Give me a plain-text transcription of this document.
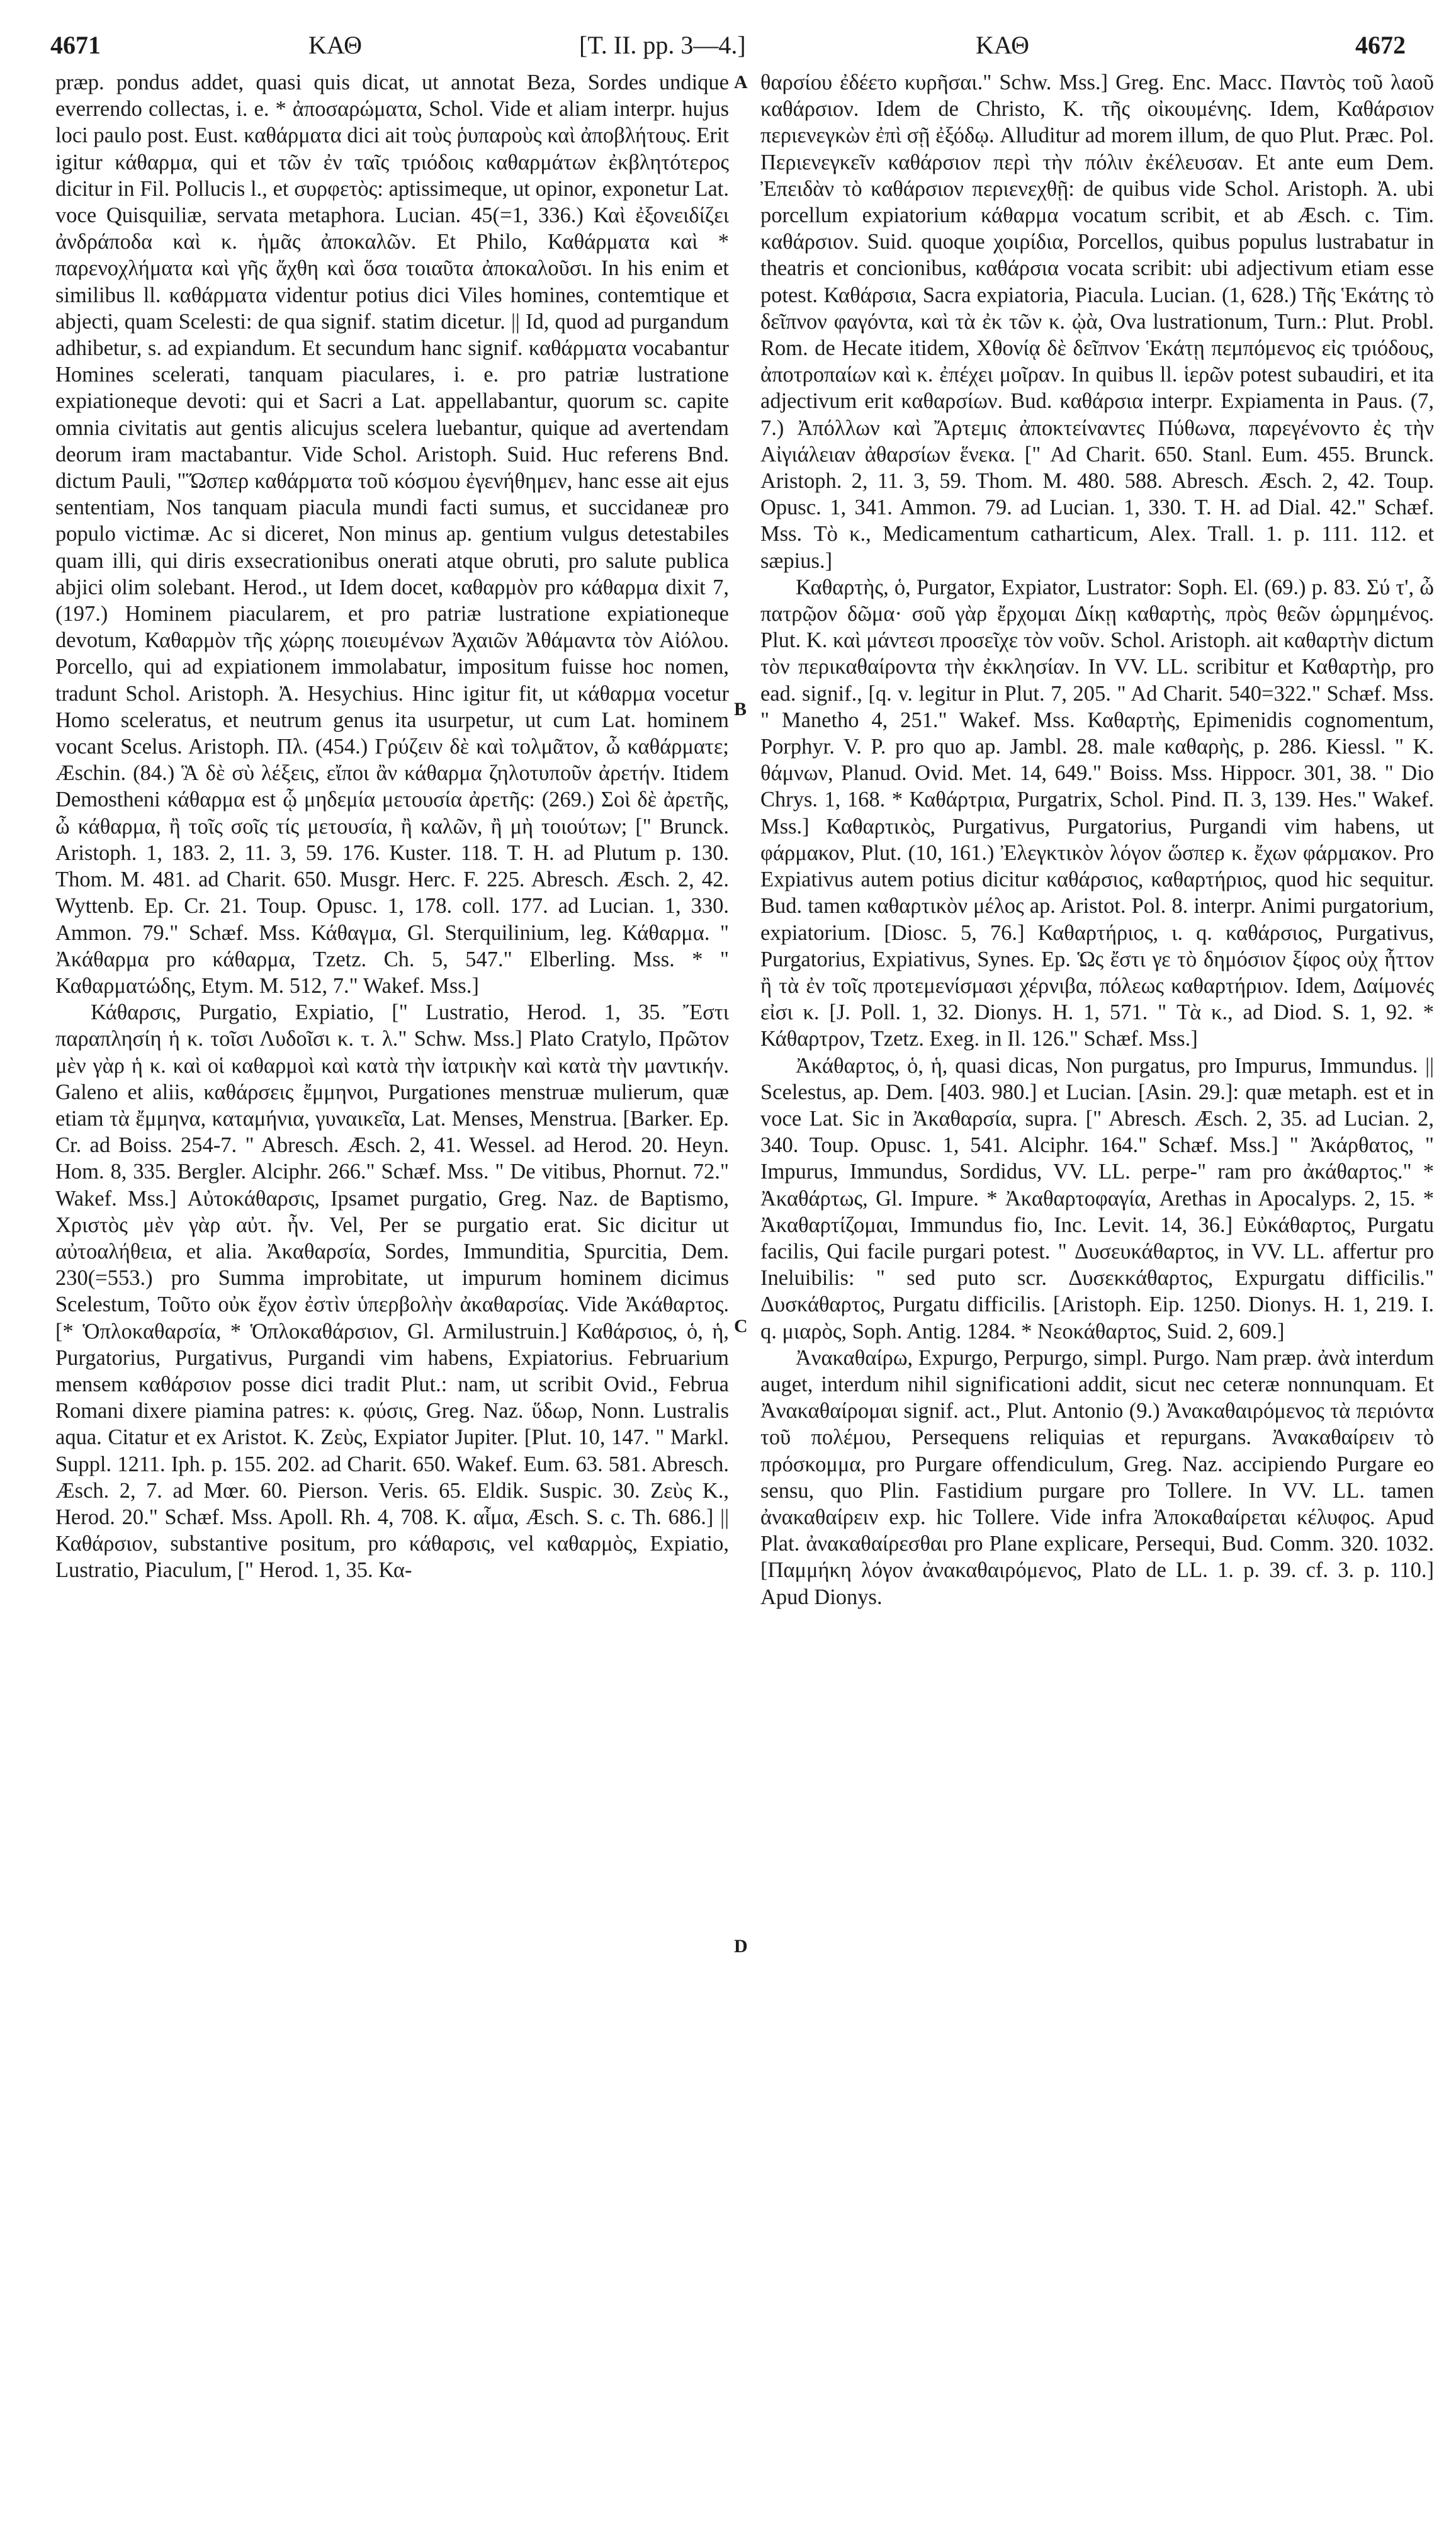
4671	ΚΑΘ	[T. II. pp. 3—4.]	ΚΑΘ	4672

præp. pondus addet, quasi quis dicat, ut annotat Beza, Sordes undique everrendo collectas, i. e. * ἀποσαρώματα, Schol. Vide et aliam interpr. hujus loci paulo post. Eust. καθάρματα dici ait τοὺς ῥυπαροὺς καὶ ἀποβλήτους. Erit igitur κάθαρμα, qui et τῶν ἐν ταῖς τριόδοις καθαρμάτων ἐκβλητότερος dicitur in Fil. Pollucis l., et συρφετὸς: aptissimeque, ut opinor, exponetur Lat. voce Quisquiliæ, servata metaphora. Lucian. 45(=1, 336.) Καὶ ἐξονειδίζει ἀνδράποδα καὶ κ. ἡμᾶς ἀποκαλῶν. Et Philo, Καθάρματα καὶ * παρενοχλήματα καὶ γῆς ἄχθη καὶ ὅσα τοιαῦτα ἀποκαλοῦσι. In his enim et similibus ll. καθάρματα videntur potius dici Viles homines, contemtique et abjecti, quam Scelesti: de qua signif. statim dicetur. || Id, quod ad purgandum adhibetur, s. ad expiandum. Et secundum hanc signif. καθάρματα vocabantur Homines scelerati, tanquam piaculares, i. e. pro patriæ lustratione expiationeque devoti: qui et Sacri a Lat. appellabantur, quorum sc. capite omnia civitatis aut gentis alicujus scelera luebantur, quique ad avertendam deorum iram mactabantur. Vide Schol. Aristoph. Suid. Huc referens Bnd. dictum Pauli, "Ὥσπερ καθάρματα τοῦ κόσμου ἐγενήθημεν, hanc esse ait ejus sententiam, Nos tanquam piacula mundi facti sumus, et succidaneæ pro populo victimæ. Ac si diceret, Non minus ap. gentium vulgus detestabiles quam illi, qui diris exsecrationibus onerati atque obruti, pro salute publica abjici olim solebant. Herod., ut Idem docet, καθαρμὸν pro κάθαρμα dixit 7, (197.) Hominem piacularem, et pro patriæ lustratione expiationeque devotum, Καθαρμὸν τῆς χώρης ποιευμένων Ἀχαιῶν Ἀθάμαντα τὸν Αἰόλου. Porcello, qui ad expiationem immolabatur, impositum fuisse hoc nomen, tradunt Schol. Aristoph. Ἀ. Hesychius. Hinc igitur fit, ut κάθαρμα vocetur Homo sceleratus, et neutrum genus ita usurpetur, ut cum Lat. hominem vocant Scelus. Aristoph. Πλ. (454.) Γρύζειν δὲ καὶ τολμᾶτον, ὦ καθάρματε; Æschin. (84.) Ἃ δὲ σὺ λέξεις, εἴποι ἂν κάθαρμα ζηλοτυποῦν ἀρετήν. Itidem Demostheni κάθαρμα est ᾧ μηδεμία μετουσία ἀρετῆς: (269.) Σοὶ δὲ ἀρετῆς, ὦ κάθαρμα, ἢ τοῖς σοῖς τίς μετουσία, ἢ καλῶν, ἢ μὴ τοιούτων; [" Brunck. Aristoph. 1, 183. 2, 11. 3, 59. 176. Kuster. 118. T. H. ad Plutum p. 130. Thom. M. 481. ad Charit. 650. Musgr. Herc. F. 225. Abresch. Æsch. 2, 42. Wyttenb. Ep. Cr. 21. Toup. Opusc. 1, 178. coll. 177. ad Lucian. 1, 330. Ammon. 79." Schæf. Mss. Κάθαγμα, Gl. Sterquilinium, leg. Κάθαρμα. " Ἀκάθαρμα pro κάθαρμα, Tzetz. Ch. 5, 547." Elberling. Mss. * " Καθαρματώδης, Etym. M. 512, 7." Wakef. Mss.]

Κάθαρσις, Purgatio, Expiatio, [" Lustratio, Herod. 1, 35. Ἔστι παραπλησίη ἡ κ. τοῖσι Λυδοῖσι κ. τ. λ." Schw. Mss.] Plato Cratylo, Πρῶτον μὲν γὰρ ἡ κ. καὶ οἱ καθαρμοὶ καὶ κατὰ τὴν ἰατρικὴν καὶ κατὰ τὴν μαντικήν. Galeno et aliis, καθάρσεις ἔμμηνοι, Purgationes menstruæ mulierum, quæ etiam τὰ ἔμμηνα, καταμήνια, γυναικεῖα, Lat. Menses, Menstrua. [Barker. Ep. Cr. ad Boiss. 254-7. " Abresch. Æsch. 2, 41. Wessel. ad Herod. 20. Heyn. Hom. 8, 335. Bergler. Alciphr. 266." Schæf. Mss. " De vitibus, Phornut. 72." Wakef. Mss.] Αὐτοκάθαρσις, Ipsamet purgatio, Greg. Naz. de Baptismo, Χριστὸς μὲν γὰρ αὐτ. ἦν. Vel, Per se purgatio erat. Sic dicitur ut αὐτοαλήθεια, et alia. Ἀκαθαρσία, Sordes, Immunditia, Spurcitia, Dem. 230(=553.) pro Summa improbitate, ut impurum hominem dicimus Scelestum, Τοῦτο οὐκ ἔχον ἐστὶν ὑπερβολὴν ἀκαθαρσίας. Vide Ἀκάθαρτος. [* Ὁπλοκαθαρσία, * Ὁπλοκαθάρσιον, Gl. Armilustruin.] Καθάρσιος, ὁ, ἡ, Purgatorius, Purgativus, Purgandi vim habens, Expiatorius. Februarium mensem καθάρσιον posse dici tradit Plut.: nam, ut scribit Ovid., Februa Romani dixere piamina patres: κ. φύσις, Greg. Naz. ὕδωρ, Nonn. Lustralis aqua. Citatur et ex Aristot. K. Ζεὺς, Expiator Jupiter. [Plut. 10, 147. " Markl. Suppl. 1211. Iph. p. 155. 202. ad Charit. 650. Wakef. Eum. 63. 581. Abresch. Æsch. 2, 7. ad Mœr. 60. Pierson. Veris. 65. Eldik. Suspic. 30. Ζεὺς K., Herod. 20." Schæf. Mss. Apoll. Rh. 4, 708. K. αἷμα, Æsch. S. c. Th. 686.] || Καθάρσιον, substantive positum, pro κάθαρσις, vel καθαρμὸς, Expiatio, Lustratio, Piaculum, [" Herod. 1, 35. Κα-

A
B
C
D

θαρσίου ἐδέετο κυρῆσαι." Schw. Mss.] Greg. Enc. Macc. Παντὸς τοῦ λαοῦ καθάρσιον. Idem de Christo, K. τῆς οἰκουμένης. Idem, Καθάρσιον περιενεγκὼν ἐπὶ σῇ ἐξόδῳ. Alluditur ad morem illum, de quo Plut. Præc. Pol. Περιενεγκεῖν καθάρσιον περὶ τὴν πόλιν ἐκέλευσαν. Et ante eum Dem. Ἐπειδὰν τὸ καθάρσιον περιενεχθῇ: de quibus vide Schol. Aristoph. Ἀ. ubi porcellum expiatorium κάθαρμα vocatum scribit, et ab Æsch. c. Tim. καθάρσιον. Suid. quoque χοιρίδια, Porcellos, quibus populus lustrabatur in theatris et concionibus, καθάρσια vocata scribit: ubi adjectivum etiam esse potest. Καθάρσια, Sacra expiatoria, Piacula. Lucian. (1, 628.) Τῆς Ἑκάτης τὸ δεῖπνον φαγόντα, καὶ τὰ ἐκ τῶν κ. ᾠὰ, Ova lustrationum, Turn.: Plut. Probl. Rom. de Hecate itidem, Χθονίᾳ δὲ δεῖπνον Ἑκάτῃ πεμπόμενος εἰς τριόδους, ἀποτροπαίων καὶ κ. ἐπέχει μοῖραν. In quibus ll. ἱερῶν potest subaudiri, et ita adjectivum erit καθαρσίων. Bud. καθάρσια interpr. Expiamenta in Paus. (7, 7.) Ἀπόλλων καὶ Ἄρτεμις ἀποκτείναντες Πύθωνα, παρεγένοντο ἐς τὴν Αἰγιάλειαν ἀθαρσίων ἕνεκα. [" Ad Charit. 650. Stanl. Eum. 455. Brunck. Aristoph. 2, 11. 3, 59. Thom. M. 480. 588. Abresch. Æsch. 2, 42. Toup. Opusc. 1, 341. Ammon. 79. ad Lucian. 1, 330. T. H. ad Dial. 42." Schæf. Mss. Τὸ κ., Medicamentum catharticum, Alex. Trall. 1. p. 111. 112. et sæpius.]

Καθαρτὴς, ὁ, Purgator, Expiator, Lustrator: Soph. El. (69.) p. 83. Σύ τ', ὦ πατρῷον δῶμα· σοῦ γὰρ ἔρχομαι Δίκῃ καθαρτὴς, πρὸς θεῶν ὡρμημένος. Plut. K. καὶ μάντεσι προσεῖχε τὸν νοῦν. Schol. Aristoph. ait καθαρτὴν dictum τὸν περικαθαίροντα τὴν ἐκκλησίαν. In VV. LL. scribitur et Καθαρτὴρ, pro ead. signif., [q. v. legitur in Plut. 7, 205. " Ad Charit. 540=322." Schæf. Mss. " Manetho 4, 251." Wakef. Mss. Καθαρτὴς, Epimenidis cognomentum, Porphyr. V. P. pro quo ap. Jambl. 28. male καθαρὴς, p. 286. Kiessl. " K. θάμνων, Planud. Ovid. Met. 14, 649." Boiss. Mss. Hippocr. 301, 38. " Dio Chrys. 1, 168. * Καθάρτρια, Purgatrix, Schol. Pind. Π. 3, 139. Hes." Wakef. Mss.] Καθαρτικὸς, Purgativus, Purgatorius, Purgandi vim habens, ut φάρμακον, Plut. (10, 161.) Ἐλεγκτικὸν λόγον ὥσπερ κ. ἔχων φάρμακον. Pro Expiativus autem potius dicitur καθάρσιος, καθαρτήριος, quod hic sequitur. Bud. tamen καθαρτικὸν μέλος ap. Aristot. Pol. 8. interpr. Animi purgatorium, expiatorium. [Diosc. 5, 76.] Καθαρτήριος, ι. q. καθάρσιος, Purgativus, Purgatorius, Expiativus, Synes. Ep. Ὡς ἔστι γε τὸ δημόσιον ξίφος οὐχ ἧττον ἢ τὰ ἐν τοῖς προτεμενίσμασι χέρνιβα, πόλεως καθαρτήριον. Idem, Δαίμονές εἰσι κ. [J. Poll. 1, 32. Dionys. H. 1, 571. " Τὰ κ., ad Diod. S. 1, 92. * Κάθαρτρον, Tzetz. Exeg. in Il. 126." Schæf. Mss.]

Ἀκάθαρτος, ὁ, ἡ, quasi dicas, Non purgatus, pro Impurus, Immundus. || Scelestus, ap. Dem. [403. 980.] et Lucian. [Asin. 29.]: quæ metaph. est et in voce Lat. Sic in Ἀκαθαρσία, supra. [" Abresch. Æsch. 2, 35. ad Lucian. 2, 340. Toup. Opusc. 1, 541. Alciphr. 164." Schæf. Mss.] " Ἀκάρθατος, " Impurus, Immundus, Sordidus, VV. LL. perpe-" ram pro ἀκάθαρτος." * Ἀκαθάρτως, Gl. Impure. * Ἀκαθαρτοφαγία, Arethas in Apocalyps. 2, 15. * Ἀκαθαρτίζομαι, Immundus fio, Inc. Levit. 14, 36.] Εὐκάθαρτος, Purgatu facilis, Qui facile purgari potest. " Δυσευκάθαρτος, in VV. LL. affertur pro Ineluibilis: " sed puto scr. Δυσεκκάθαρτος, Expurgatu difficilis." Δυσκάθαρτος, Purgatu difficilis. [Aristoph. Eip. 1250. Dionys. H. 1, 219. I. q. μιαρὸς, Soph. Antig. 1284. * Νεοκάθαρτος, Suid. 2, 609.]

Ἀνακαθαίρω, Expurgo, Perpurgo, simpl. Purgo. Nam præp. ἀνὰ interdum auget, interdum nihil significationi addit, sicut nec ceteræ nonnunquam. Et Ἀνακαθαίρομαι signif. act., Plut. Antonio (9.) Ἀνακαθαιρόμενος τὰ περιόντα τοῦ πολέμου, Persequens reliquias et repurgans. Ἀνακαθαίρειν τὸ πρόσκομμα, pro Purgare offendiculum, Greg. Naz. accipiendo Purgare eo sensu, quo Plin. Fastidium purgare pro Tollere. In VV. LL. tamen ἀνακαθαίρειν exp. hic Tollere. Vide infra Ἀποκαθαίρεται κέλυφος. Apud Plat. ἀνακαθαίρεσθαι pro Plane explicare, Persequi, Bud. Comm. 320. 1032. [Παμμήκη λόγον ἀνακαθαιρόμενος, Plato de LL. 1. p. 39. cf. 3. p. 110.] Apud Dionys.
